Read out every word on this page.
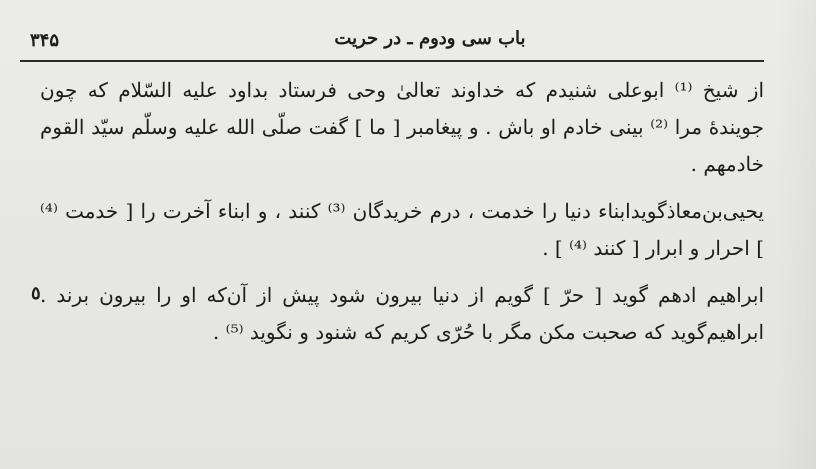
باب سی ودوم ـ در حریت
۳۴۵

از شیخ ⁽¹⁾ ابوعلی شنیدم که خداوند تعالیٰ وحی فرستاد بداود علیه السّلام که چون جوینده‌ٔ مرا ⁽²⁾ بینی خادم او باش . و پیغامبر [ ما ] گفت صلّی الله علیه وسلّم سیّد القوم خادمهم .

یحیی‌بن‌معاذگویدابناء دنیا را خدمت ، درم خریدگان ⁽³⁾ کنند ، و ابناء آخرت را [ خدمت ⁽⁴⁾ ] احرار و ابرار [ کنند ⁽⁴⁾ ] .

ابراهیم ادهم گوید [ حرّ ] گویم از دنیا بیرون شود پیش از آن‌که او را بیرون برند . ابراهیم‌گوید که صحبت مکن مگر با حُرّی کریم که شنود و نگوید ⁽⁵⁾ .

٥
